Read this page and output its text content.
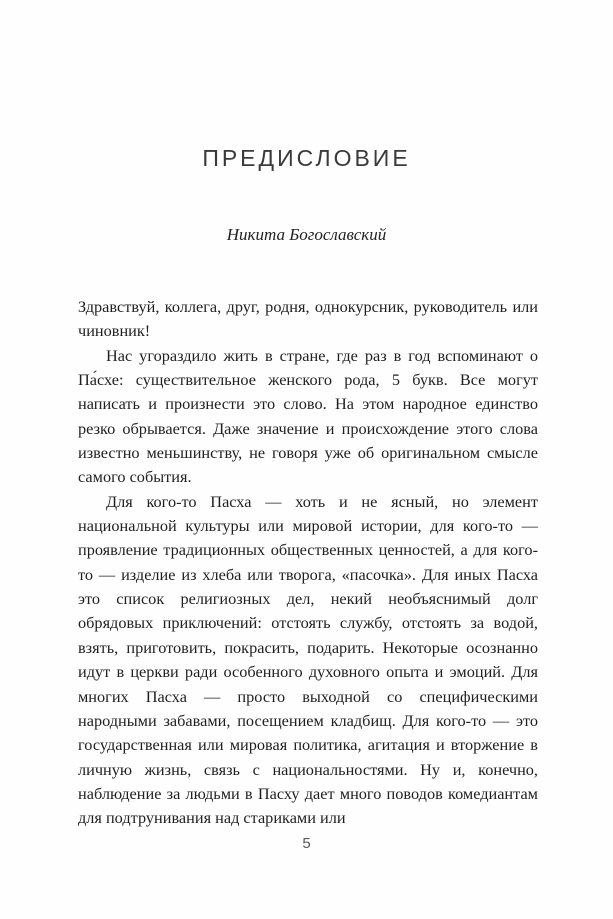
ПРЕДИСЛОВИЕ
Никита Богославский

Здравствуй, коллега, друг, родня, однокурсник, руководитель или чиновник!

Нас угораздило жить в стране, где раз в год вспоминают о Па́схе: существительное женского рода, 5 букв. Все могут написать и произнести это слово. На этом народное единство резко обрывается. Даже значение и происхождение этого слова известно меньшинству, не говоря уже об оригинальном смысле самого события.

Для кого-то Пасха — хоть и не ясный, но элемент национальной культуры или мировой истории, для кого-то — проявление традиционных общественных ценностей, а для кого-то — изделие из хлеба или творога, «пасочка». Для иных Пасха это список религиозных дел, некий необъяснимый долг обрядовых приключений: отстоять службу, отстоять за водой, взять, приготовить, покрасить, подарить. Некоторые осознанно идут в церкви ради особенного духовного опыта и эмоций. Для многих Пасха — просто выходной со специфическими народными забавами, посещением кладбищ. Для кого-то — это государственная или мировая политика, агитация и вторжение в личную жизнь, связь с национальностями. Ну и, конечно, наблюдение за людьми в Пасху дает много поводов комедиантам для подтрунивания над стариками или

5
